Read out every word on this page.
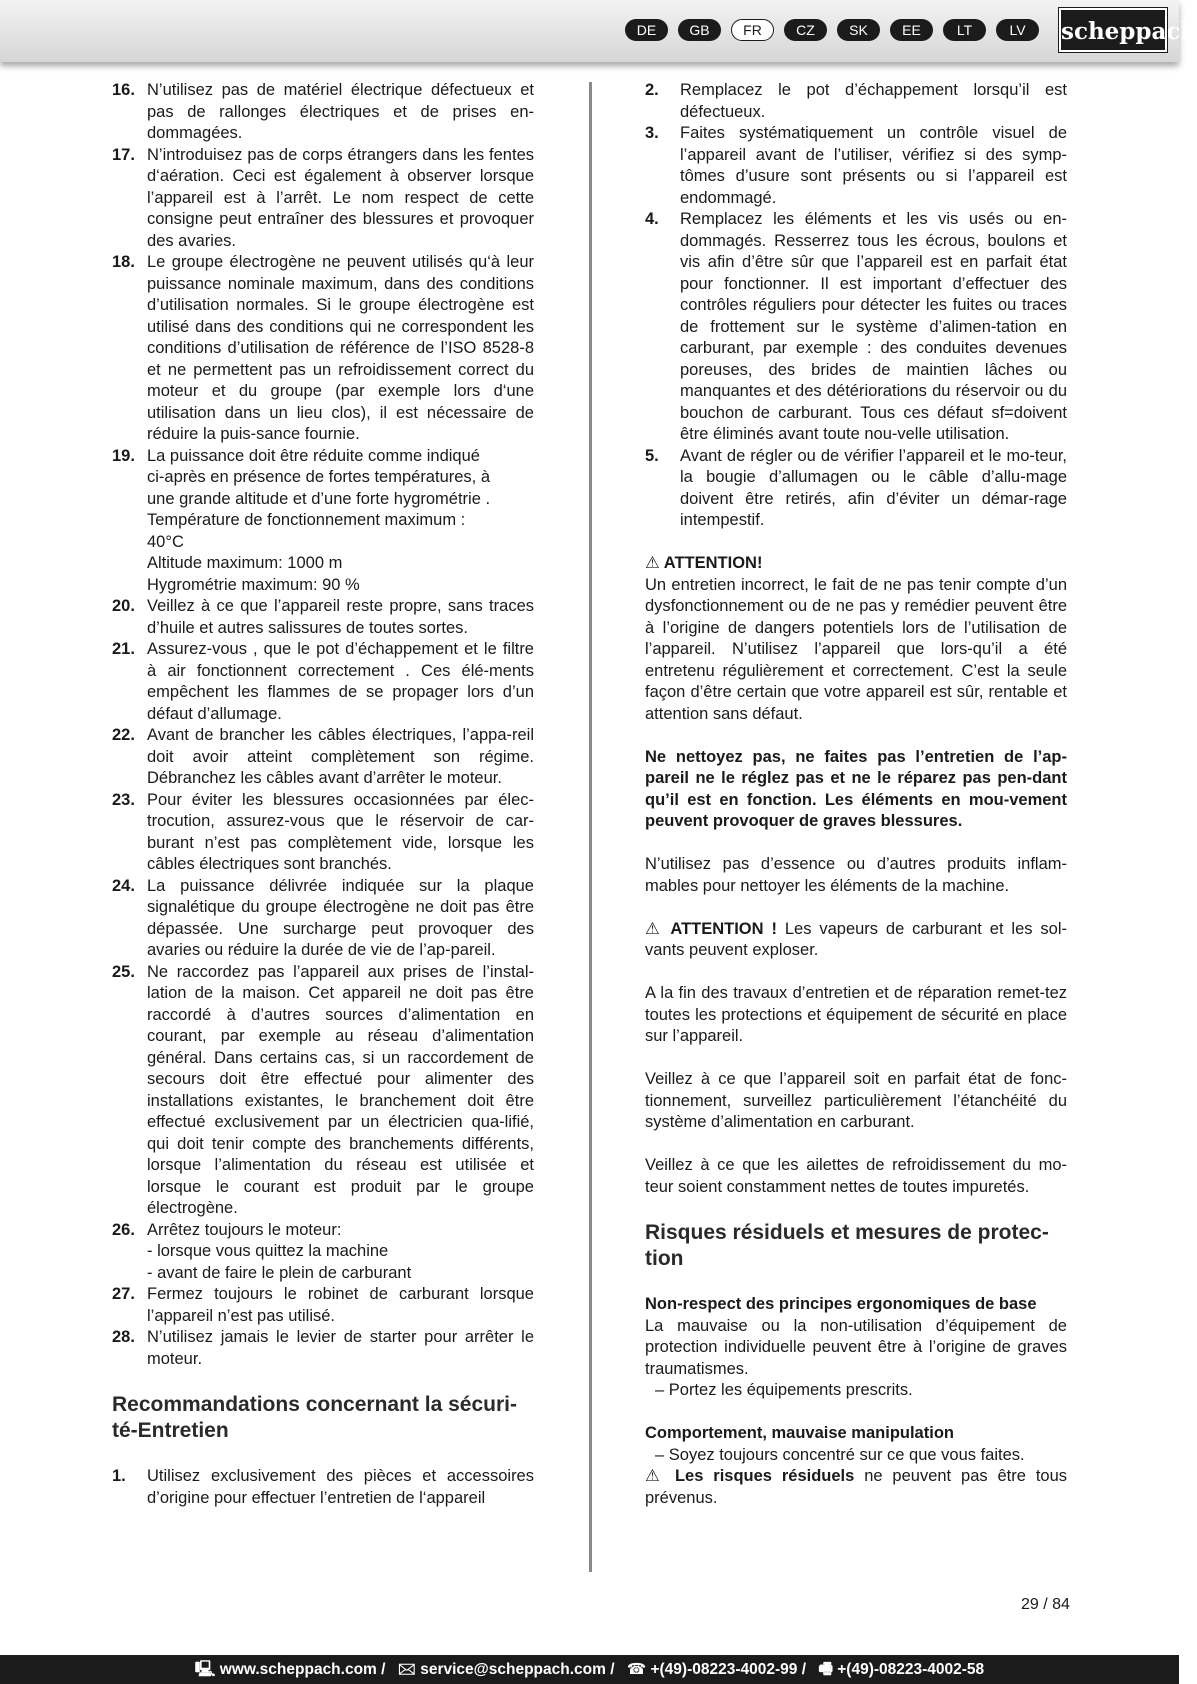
DE	GB	FR	CZ	SK	EE	LT	LV	scheppach
16. N’utilisez pas de matériel électrique défectueux et pas de rallonges électriques et de prises en-dommagées.
17. N’introduisez pas de corps étrangers dans les fentes d‘aération. Ceci est également à observer lorsque l’appareil est à l’arrêt. Le nom respect de cette consigne peut entraîner des blessures et provoquer des avaries.
18. Le groupe électrogène ne peuvent utilisés qu‘à leur puissance nominale maximum, dans des conditions d’utilisation normales. Si le groupe électrogène est utilisé dans des conditions qui ne correspondent les conditions d’utilisation de référence de l’ISO 8528-8 et ne permettent pas un refroidissement correct du moteur et du groupe (par exemple lors d‘une utilisation dans un lieu clos), il est nécessaire de réduire la puis-sance fournie.
19. La puissance doit être réduite comme indiqué
ci-après en présence de fortes températures, à
une grande altitude et d’une forte hygrométrie .
Température de fonctionnement maximum :
40°C
Altitude maximum: 1000 m
Hygrométrie maximum: 90 %
20. Veillez à ce que l’appareil reste propre, sans traces d’huile et autres salissures de toutes sortes.
21. Assurez-vous , que le pot d’échappement et le filtre à air fonctionnent correctement . Ces élé-ments empêchent les flammes de se propager lors d’un défaut d’allumage.
22. Avant de brancher les câbles électriques, l’appa-reil doit avoir atteint complètement son régime. Débranchez les câbles avant d’arrêter le moteur.
23. Pour éviter les blessures occasionnées par élec-trocution, assurez-vous que le réservoir de car-burant n’est pas complètement vide, lorsque les câbles électriques sont branchés.
24. La puissance délivrée indiquée sur la plaque signalétique du groupe électrogène ne doit pas être dépassée. Une surcharge peut provoquer des avaries ou réduire la durée de vie de l’ap-pareil.
25. Ne raccordez pas l’appareil aux prises de l’instal-lation de la maison. Cet appareil ne doit pas être raccordé à d’autres sources d’alimentation en courant, par exemple au réseau d’alimentation général. Dans certains cas, si un raccordement de secours doit être effectué pour alimenter des installations existantes, le branchement doit être effectué exclusivement par un électricien qua-lifié, qui doit tenir compte des branchements différents, lorsque l’alimentation du réseau est utilisée et lorsque le courant est produit par le groupe électrogène.
26. Arrêtez toujours le moteur:
- lorsque vous quittez la machine
- avant de faire le plein de carburant
27. Fermez toujours le robinet de carburant lorsque l’appareil n’est pas utilisé.
28. N’utilisez jamais le levier de starter pour arrêter le moteur.
Recommandations concernant la sécuri-té-Entretien
1.	Utilisez exclusivement des pièces et accessoires d’origine pour effectuer l’entretien de l‘appareil
2.	Remplacez le pot d’échappement lorsqu’il est défectueux.
3.	Faites systématiquement un contrôle visuel de l’appareil avant de l’utiliser, vérifiez si des symp-tômes d’usure sont présents ou si l’appareil est endommagé.
4.	Remplacez les éléments et les vis usés ou en-dommagés. Resserrez tous les écrous, boulons et vis afin d’être sûr que l’appareil est en parfait état pour fonctionner. Il est important d’effectuer des contrôles réguliers pour détecter les fuites ou traces de frottement sur le système d’alimen-tation en carburant, par exemple : des conduites devenues poreuses, des brides de maintien lâches ou manquantes et des détériorations du réservoir ou du bouchon de carburant. Tous ces défaut sf=doivent être éliminés avant toute nou-velle utilisation.
5.	Avant de régler ou de vérifier l’appareil et le mo-teur, la bougie d’allumagen ou le câble d’allu-mage doivent être retirés, afin d’éviter un démar-rage intempestif.
⚠ ATTENTION!

Un entretien incorrect, le fait de ne pas tenir compte d’un dysfonctionnement ou de ne pas y remédier peuvent être à l’origine de dangers potentiels lors de l’utilisation de l’appareil. N’utilisez l’appareil que lors-qu’il a été entretenu régulièrement et correctement. C’est la seule façon d’être certain que votre appareil est sûr, rentable et attention sans défaut.

Ne nettoyez pas, ne faites pas l’entretien de l’ap-pareil ne le réglez pas et ne le réparez pas pen-dant qu’il est en fonction. Les éléments en mou-vement peuvent provoquer de graves blessures.

N’utilisez pas d’essence ou d’autres produits inflam-mables pour nettoyer les éléments de la machine.

⚠ ATTENTION ! Les vapeurs de carburant et les sol-vants peuvent exploser.

A la fin des travaux d’entretien et de réparation remet-tez toutes les protections et équipement de sécurité en place sur l’appareil.

Veillez à ce que l’appareil soit en parfait état de fonc-tionnement, surveillez particulièrement l’étanchéité du système d’alimentation en carburant.

Veillez à ce que les ailettes de refroidissement du mo-teur soient constamment nettes de toutes impuretés.

Risques résiduels et mesures de protec-tion

Non-respect des principes ergonomiques de base

La mauvaise ou la non-utilisation d’équipement de protection individuelle peuvent être à l’origine de graves traumatismes.

– Portez les équipements prescrits.

Comportement, mauvaise manipulation

– Soyez toujours concentré sur ce que vous faites.

⚠ Les risques résiduels ne peuvent pas être tous prévenus.

29 / 84
🖳 www.scheppach.com / 🖂 service@scheppach.com / ☎ +(49)-08223-4002-99 / 🖷 +(49)-08223-4002-58
